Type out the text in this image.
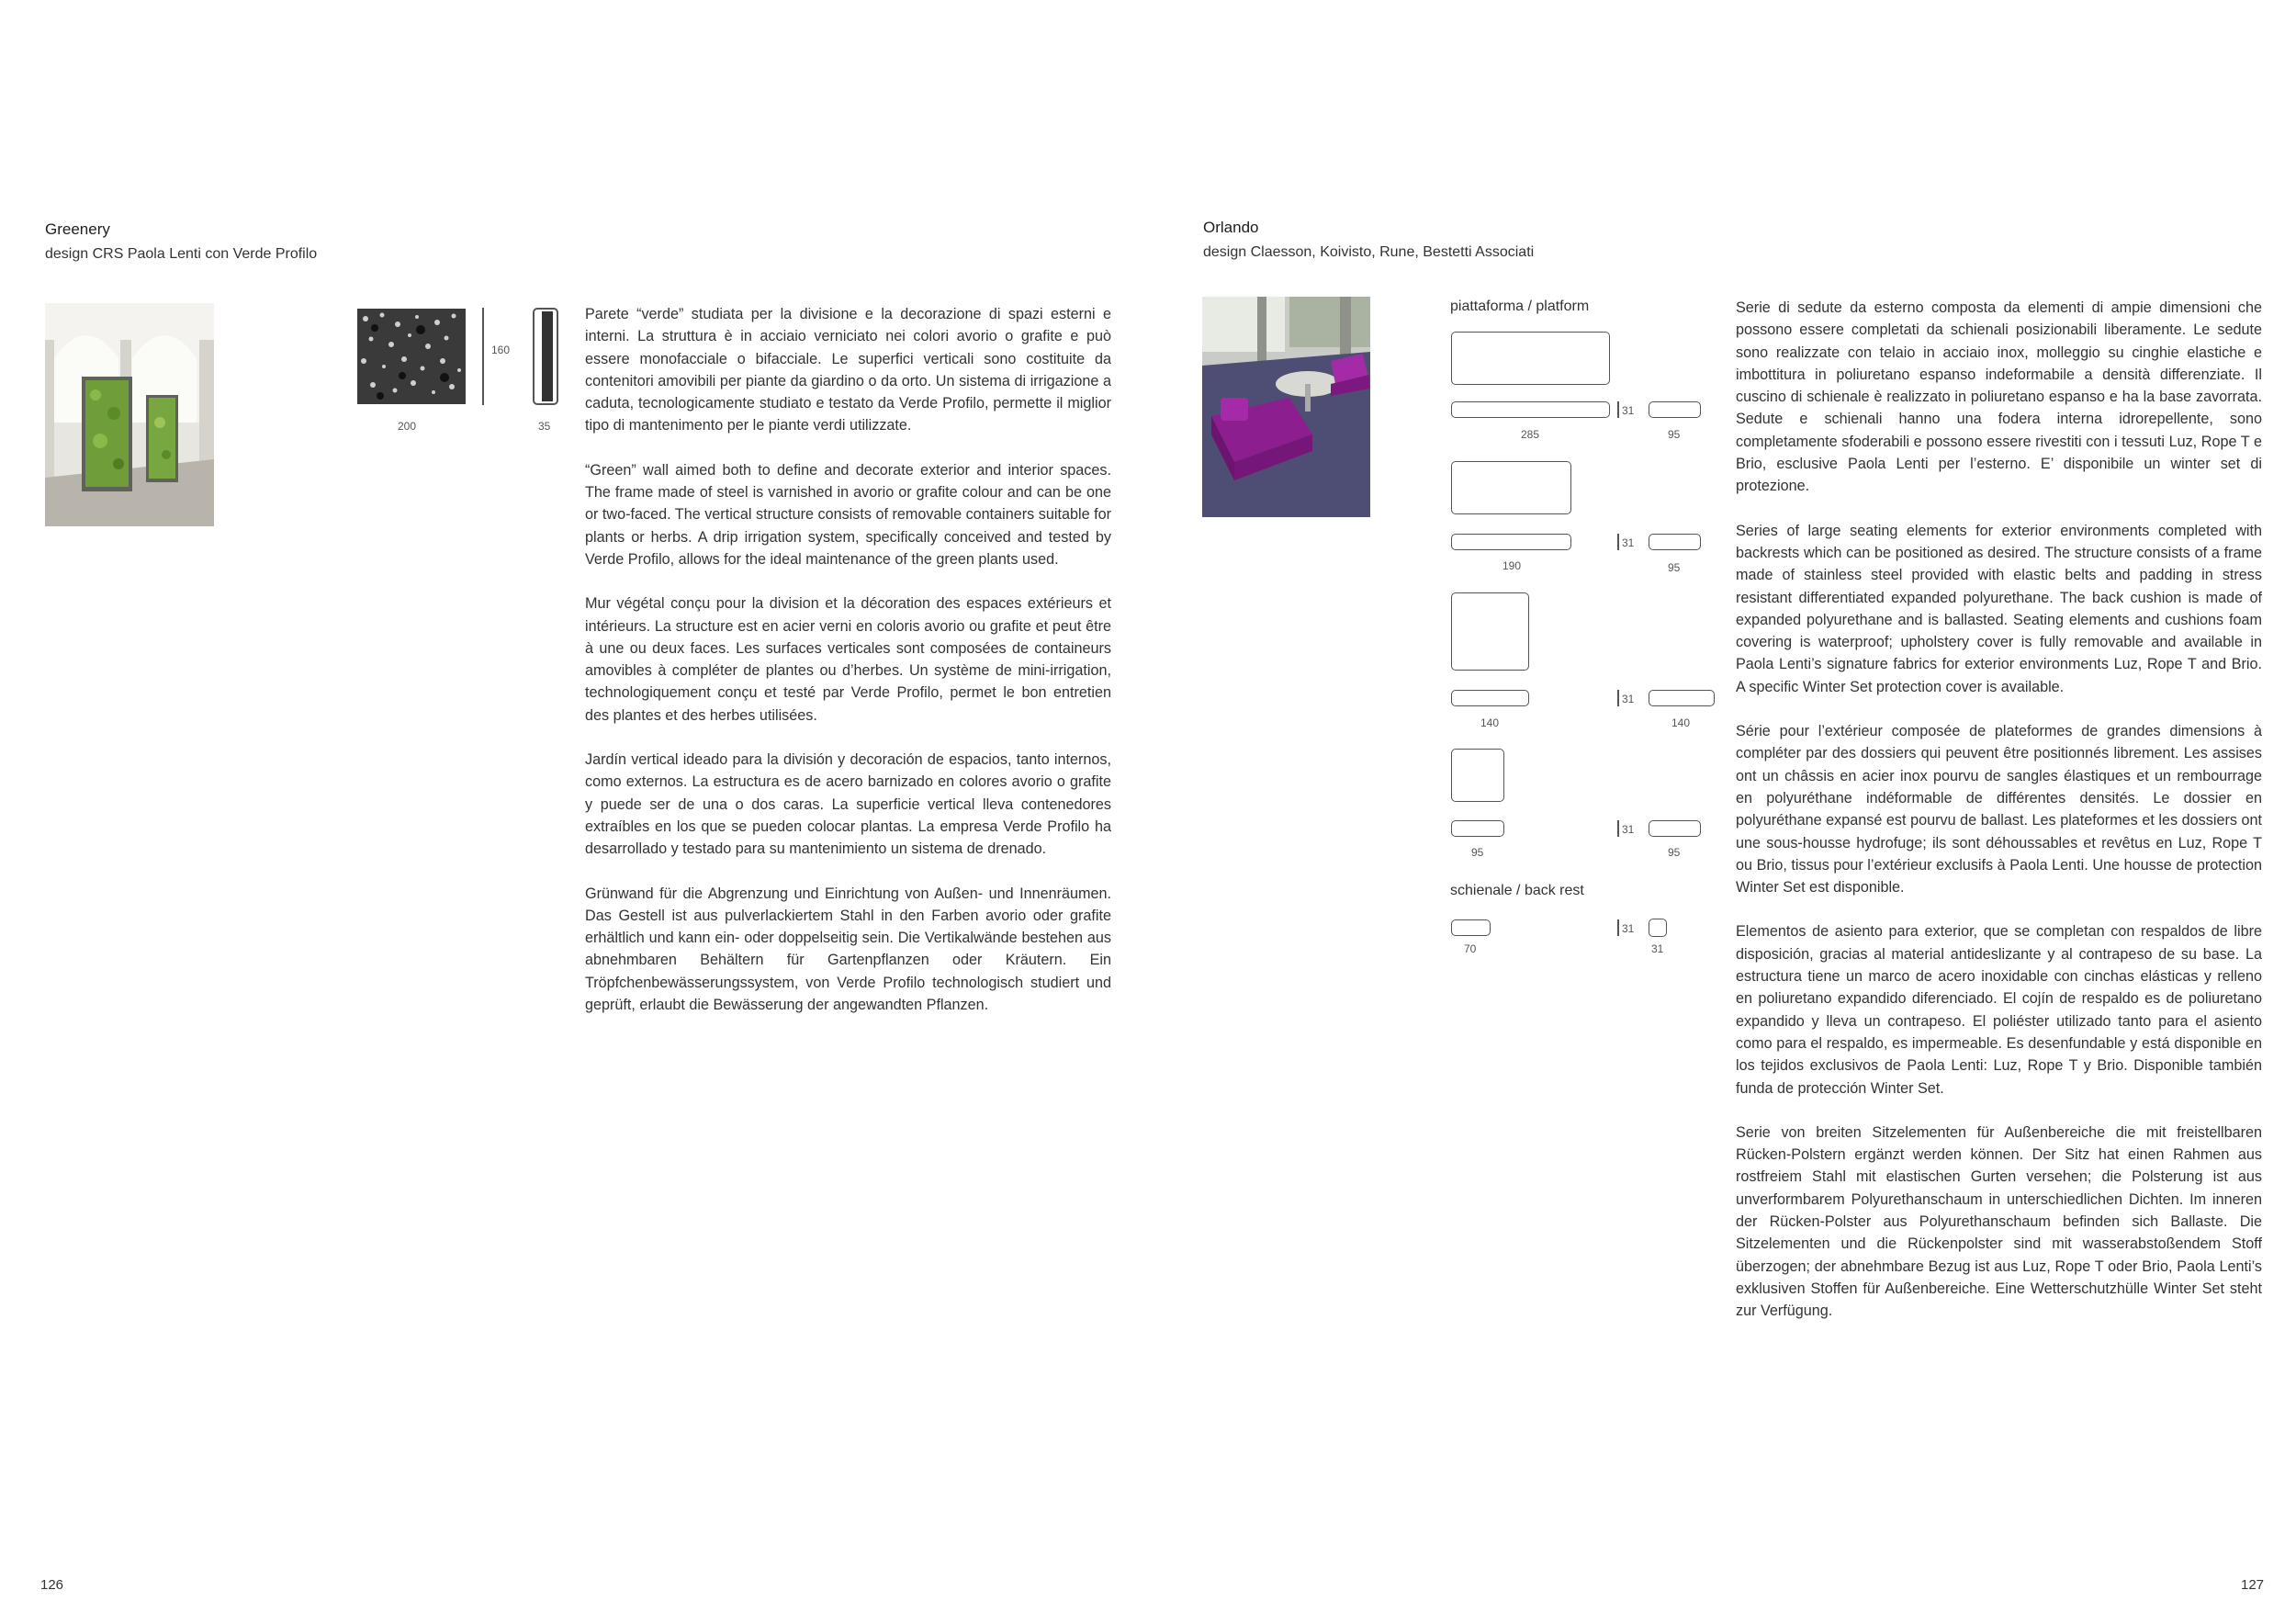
Greenery
design CRS Paola Lenti con Verde Profilo
160
200	35

Parete “verde” studiata per la divisione e la decorazione di spazi esterni e interni. La struttura è in acciaio verniciato nei colori avorio o grafite e può essere monofacciale o bifacciale. Le superfici verticali sono costituite da contenitori amovibili per piante da giardino o da orto. Un sistema di irrigazione a caduta, tecnologicamente studiato e testato da Verde Profilo, permette il miglior tipo di mantenimento per le piante verdi utilizzate.

“Green” wall aimed both to define and decorate exterior and interior spaces. The frame made of steel is varnished in avorio or grafite colour and can be one or two-faced. The vertical structure consists of removable containers suitable for plants or herbs. A drip irrigation system, specifically conceived and tested by Verde Profilo, allows for the ideal maintenance of the green plants used.

Mur végétal conçu pour la division et la décoration des espaces extérieurs et intérieurs. La structure est en acier verni en coloris avorio ou grafite et peut être à une ou deux faces. Les surfaces verticales sont composées de containeurs amovibles à compléter de plantes ou d’herbes. Un système de mini-irrigation, technologiquement conçu et testé par Verde Profilo, permet le bon entretien des plantes et des herbes utilisées.

Jardín vertical ideado para la división y decoración de espacios, tanto internos, como externos. La estructura es de acero barnizado en colores avorio o grafite y puede ser de una o dos caras. La superficie vertical lleva contenedores extraíbles en los que se pueden colocar plantas. La empresa Verde Profilo ha desarrollado y testado para su mantenimiento un sistema de drenado.

Grünwand für die Abgrenzung und Einrichtung von Außen- und Innenräumen. Das Gestell ist aus pulverlackiertem Stahl in den Farben avorio oder grafite erhältlich und kann ein- oder doppelseitig sein. Die Vertikalwände bestehen aus abnehmbaren Behältern für Gartenpflanzen oder Kräutern. Ein Tröpfchenbewässerungssystem, von Verde Profilo technologisch studiert und geprüft, erlaubt die Bewässerung der angewandten Pflanzen.

126
Orlando
design Claesson, Koivisto, Rune, Bestetti Associati
piattaforma / platform
31
285	95
31
190	95
31
140	140
31
95	95
schienale / back rest
31
70	31

Serie di sedute da esterno composta da elementi di ampie dimensioni che possono essere completati da schienali posizionabili liberamente. Le sedute sono realizzate con telaio in acciaio inox, molleggio su cinghie elastiche e imbottitura in poliuretano espanso indeformabile a densità differenziate. Il cuscino di schienale è realizzato in poliuretano espanso e ha la base zavorrata. Sedute e schienali hanno una fodera interna idrorepellente, sono completamente sfoderabili e possono essere rivestiti con i tessuti Luz, Rope T e Brio, esclusive Paola Lenti per l’esterno. E’ disponibile un winter set di protezione.

Series of large seating elements for exterior environments completed with backrests which can be positioned as desired. The structure consists of a frame made of stainless steel provided with elastic belts and padding in stress resistant differentiated expanded polyurethane. The back cushion is made of expanded polyurethane and is ballasted. Seating elements and cushions foam covering is waterproof; upholstery cover is fully removable and available in Paola Lenti’s signature fabrics for exterior environments Luz, Rope T and Brio. A specific Winter Set protection cover is available.

Série pour l’extérieur composée de plateformes de grandes dimensions à compléter par des dossiers qui peuvent être positionnés librement. Les assises ont un châssis en acier inox pourvu de sangles élastiques et un rembourrage en polyuréthane indéformable de différentes densités. Le dossier en polyuréthane expansé est pourvu de ballast. Les plateformes et les dossiers ont une sous-housse hydrofuge; ils sont déhoussables et revêtus en Luz, Rope T ou Brio, tissus pour l’extérieur exclusifs à Paola Lenti. Une housse de protection Winter Set est disponible.

Elementos de asiento para exterior, que se completan con respaldos de libre disposición, gracias al material antideslizante y al contrapeso de su base. La estructura tiene un marco de acero inoxidable con cinchas elásticas y relleno en poliuretano expandido diferenciado. El cojín de respaldo es de poliuretano expandido y lleva un contrapeso. El poliéster utilizado tanto para el asiento como para el respaldo, es impermeable. Es desenfundable y está disponible en los tejidos exclusivos de Paola Lenti: Luz, Rope T y Brio. Disponible también funda de protección Winter Set.

Serie von breiten Sitzelementen für Außenbereiche die mit freistellbaren Rücken-Polstern ergänzt werden können. Der Sitz hat einen Rahmen aus rostfreiem Stahl mit elastischen Gurten versehen; die Polsterung ist aus unverformbarem Polyurethanschaum in unterschiedlichen Dichten. Im inneren der Rücken-Polster aus Polyurethanschaum befinden sich Ballaste. Die Sitzelementen und die Rückenpolster sind mit wasserabstoßendem Stoff überzogen; der abnehmbare Bezug ist aus Luz, Rope T oder Brio, Paola Lenti’s exklusiven Stoffen für Außenbereiche. Eine Wetterschutzhülle Winter Set steht zur Verfügung.

127
